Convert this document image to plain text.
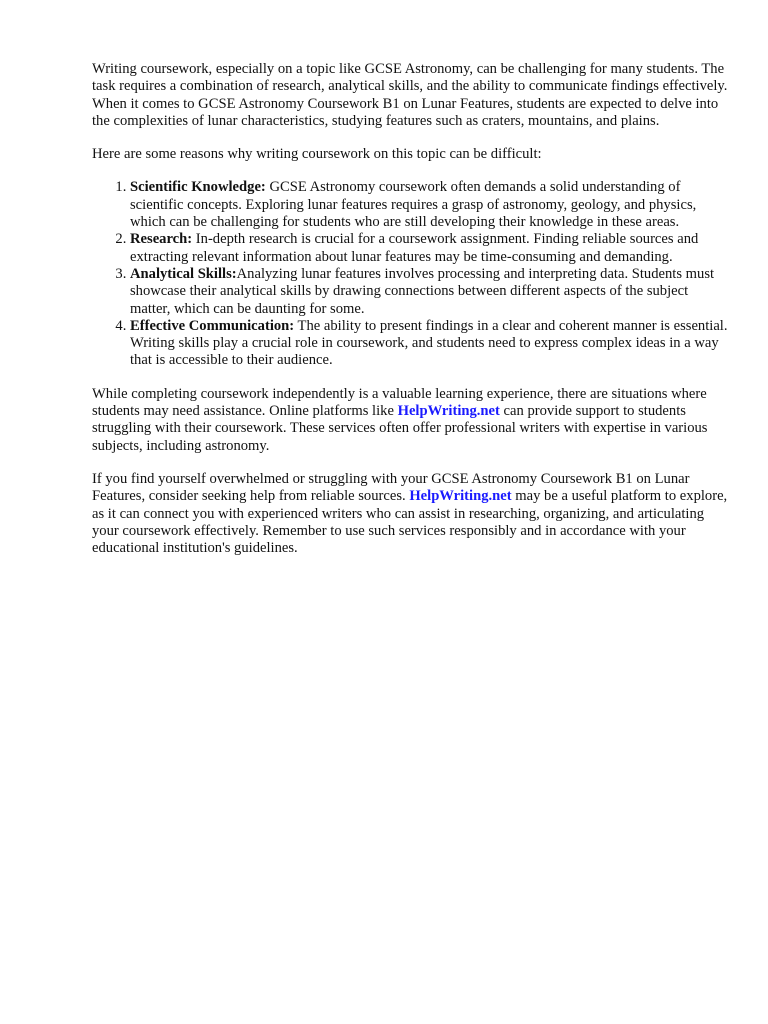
Writing coursework, especially on a topic like GCSE Astronomy, can be challenging for many students. The task requires a combination of research, analytical skills, and the ability to communicate findings effectively. When it comes to GCSE Astronomy Coursework B1 on Lunar Features, students are expected to delve into the complexities of lunar characteristics, studying features such as craters, mountains, and plains.

Here are some reasons why writing coursework on this topic can be difficult:

1. Scientific Knowledge: GCSE Astronomy coursework often demands a solid understanding of scientific concepts. Exploring lunar features requires a grasp of astronomy, geology, and physics, which can be challenging for students who are still developing their knowledge in these areas.
2. Research: In-depth research is crucial for a coursework assignment. Finding reliable sources and extracting relevant information about lunar features may be time-consuming and demanding.
3. Analytical Skills:Analyzing lunar features involves processing and interpreting data. Students must showcase their analytical skills by drawing connections between different aspects of the subject matter, which can be daunting for some.
4. Effective Communication: The ability to present findings in a clear and coherent manner is essential. Writing skills play a crucial role in coursework, and students need to express complex ideas in a way that is accessible to their audience.

While completing coursework independently is a valuable learning experience, there are situations where students may need assistance. Online platforms like HelpWriting.net can provide support to students struggling with their coursework. These services often offer professional writers with expertise in various subjects, including astronomy.

If you find yourself overwhelmed or struggling with your GCSE Astronomy Coursework B1 on Lunar Features, consider seeking help from reliable sources. HelpWriting.net may be a useful platform to explore, as it can connect you with experienced writers who can assist in researching, organizing, and articulating your coursework effectively. Remember to use such services responsibly and in accordance with your educational institution's guidelines.
